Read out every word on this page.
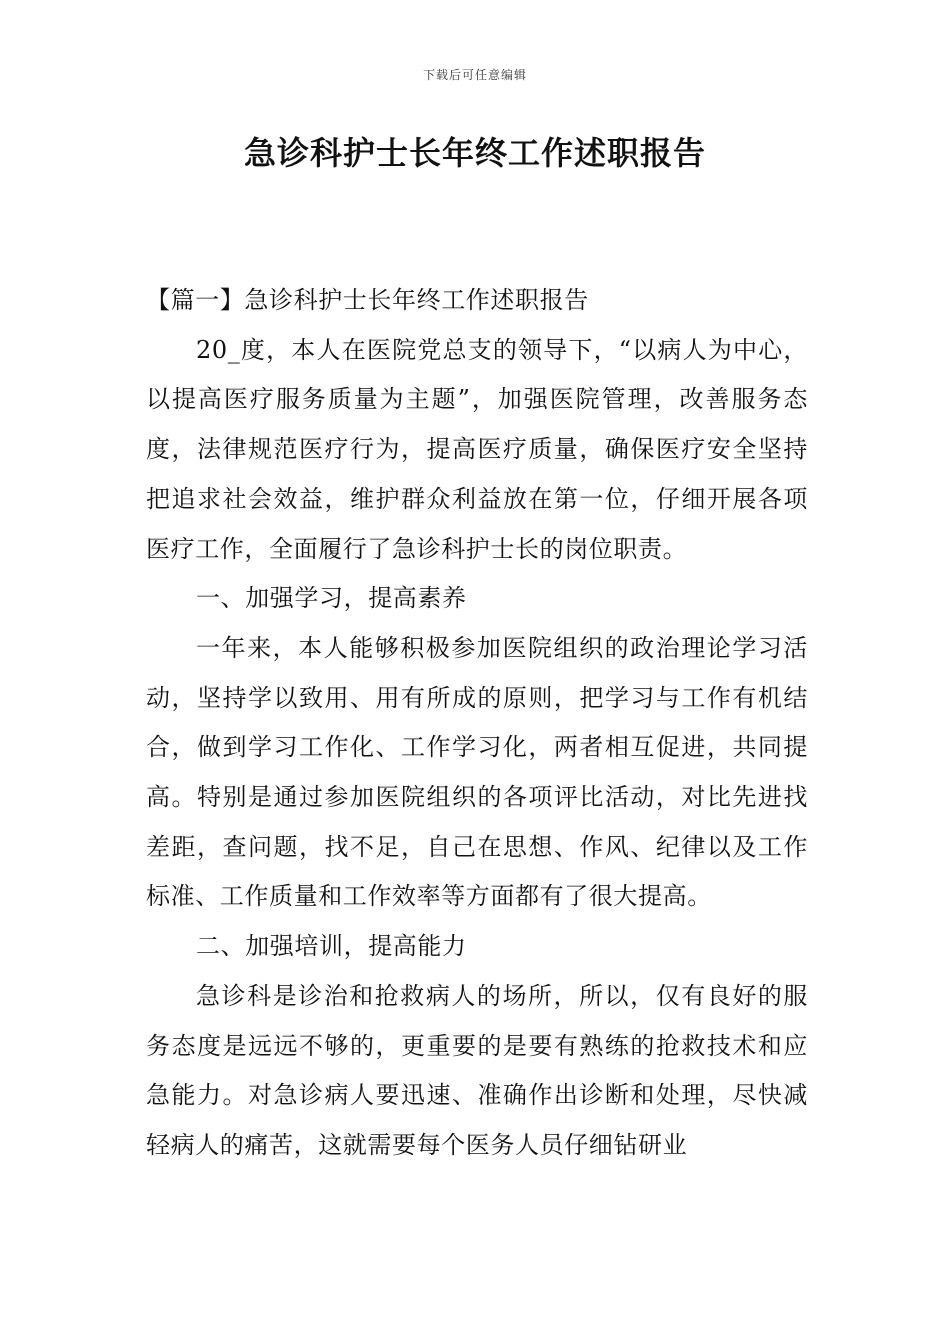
下载后可任意编辑
急诊科护士长年终工作述职报告

【篇一】急诊科护士长年终工作述职报告

20_度，本人在医院党总支的领导下，“以病人为中心，以提高医疗服务质量为主题”，加强医院管理，改善服务态度，法律规范医疗行为，提高医疗质量，确保医疗安全坚持把追求社会效益，维护群众利益放在第一位，仔细开展各项医疗工作，全面履行了急诊科护士长的岗位职责。

一、加强学习，提高素养

一年来，本人能够积极参加医院组织的政治理论学习活动，坚持学以致用、用有所成的原则，把学习与工作有机结合，做到学习工作化、工作学习化，两者相互促进，共同提高。特别是通过参加医院组织的各项评比活动，对比先进找差距，查问题，找不足，自己在思想、作风、纪律以及工作标准、工作质量和工作效率等方面都有了很大提高。

二、加强培训，提高能力

急诊科是诊治和抢救病人的场所，所以，仅有良好的服务态度是远远不够的，更重要的是要有熟练的抢救技术和应急能力。对急诊病人要迅速、准确作出诊断和处理，尽快减轻病人的痛苦，这就需要每个医务人员仔细钻研业
